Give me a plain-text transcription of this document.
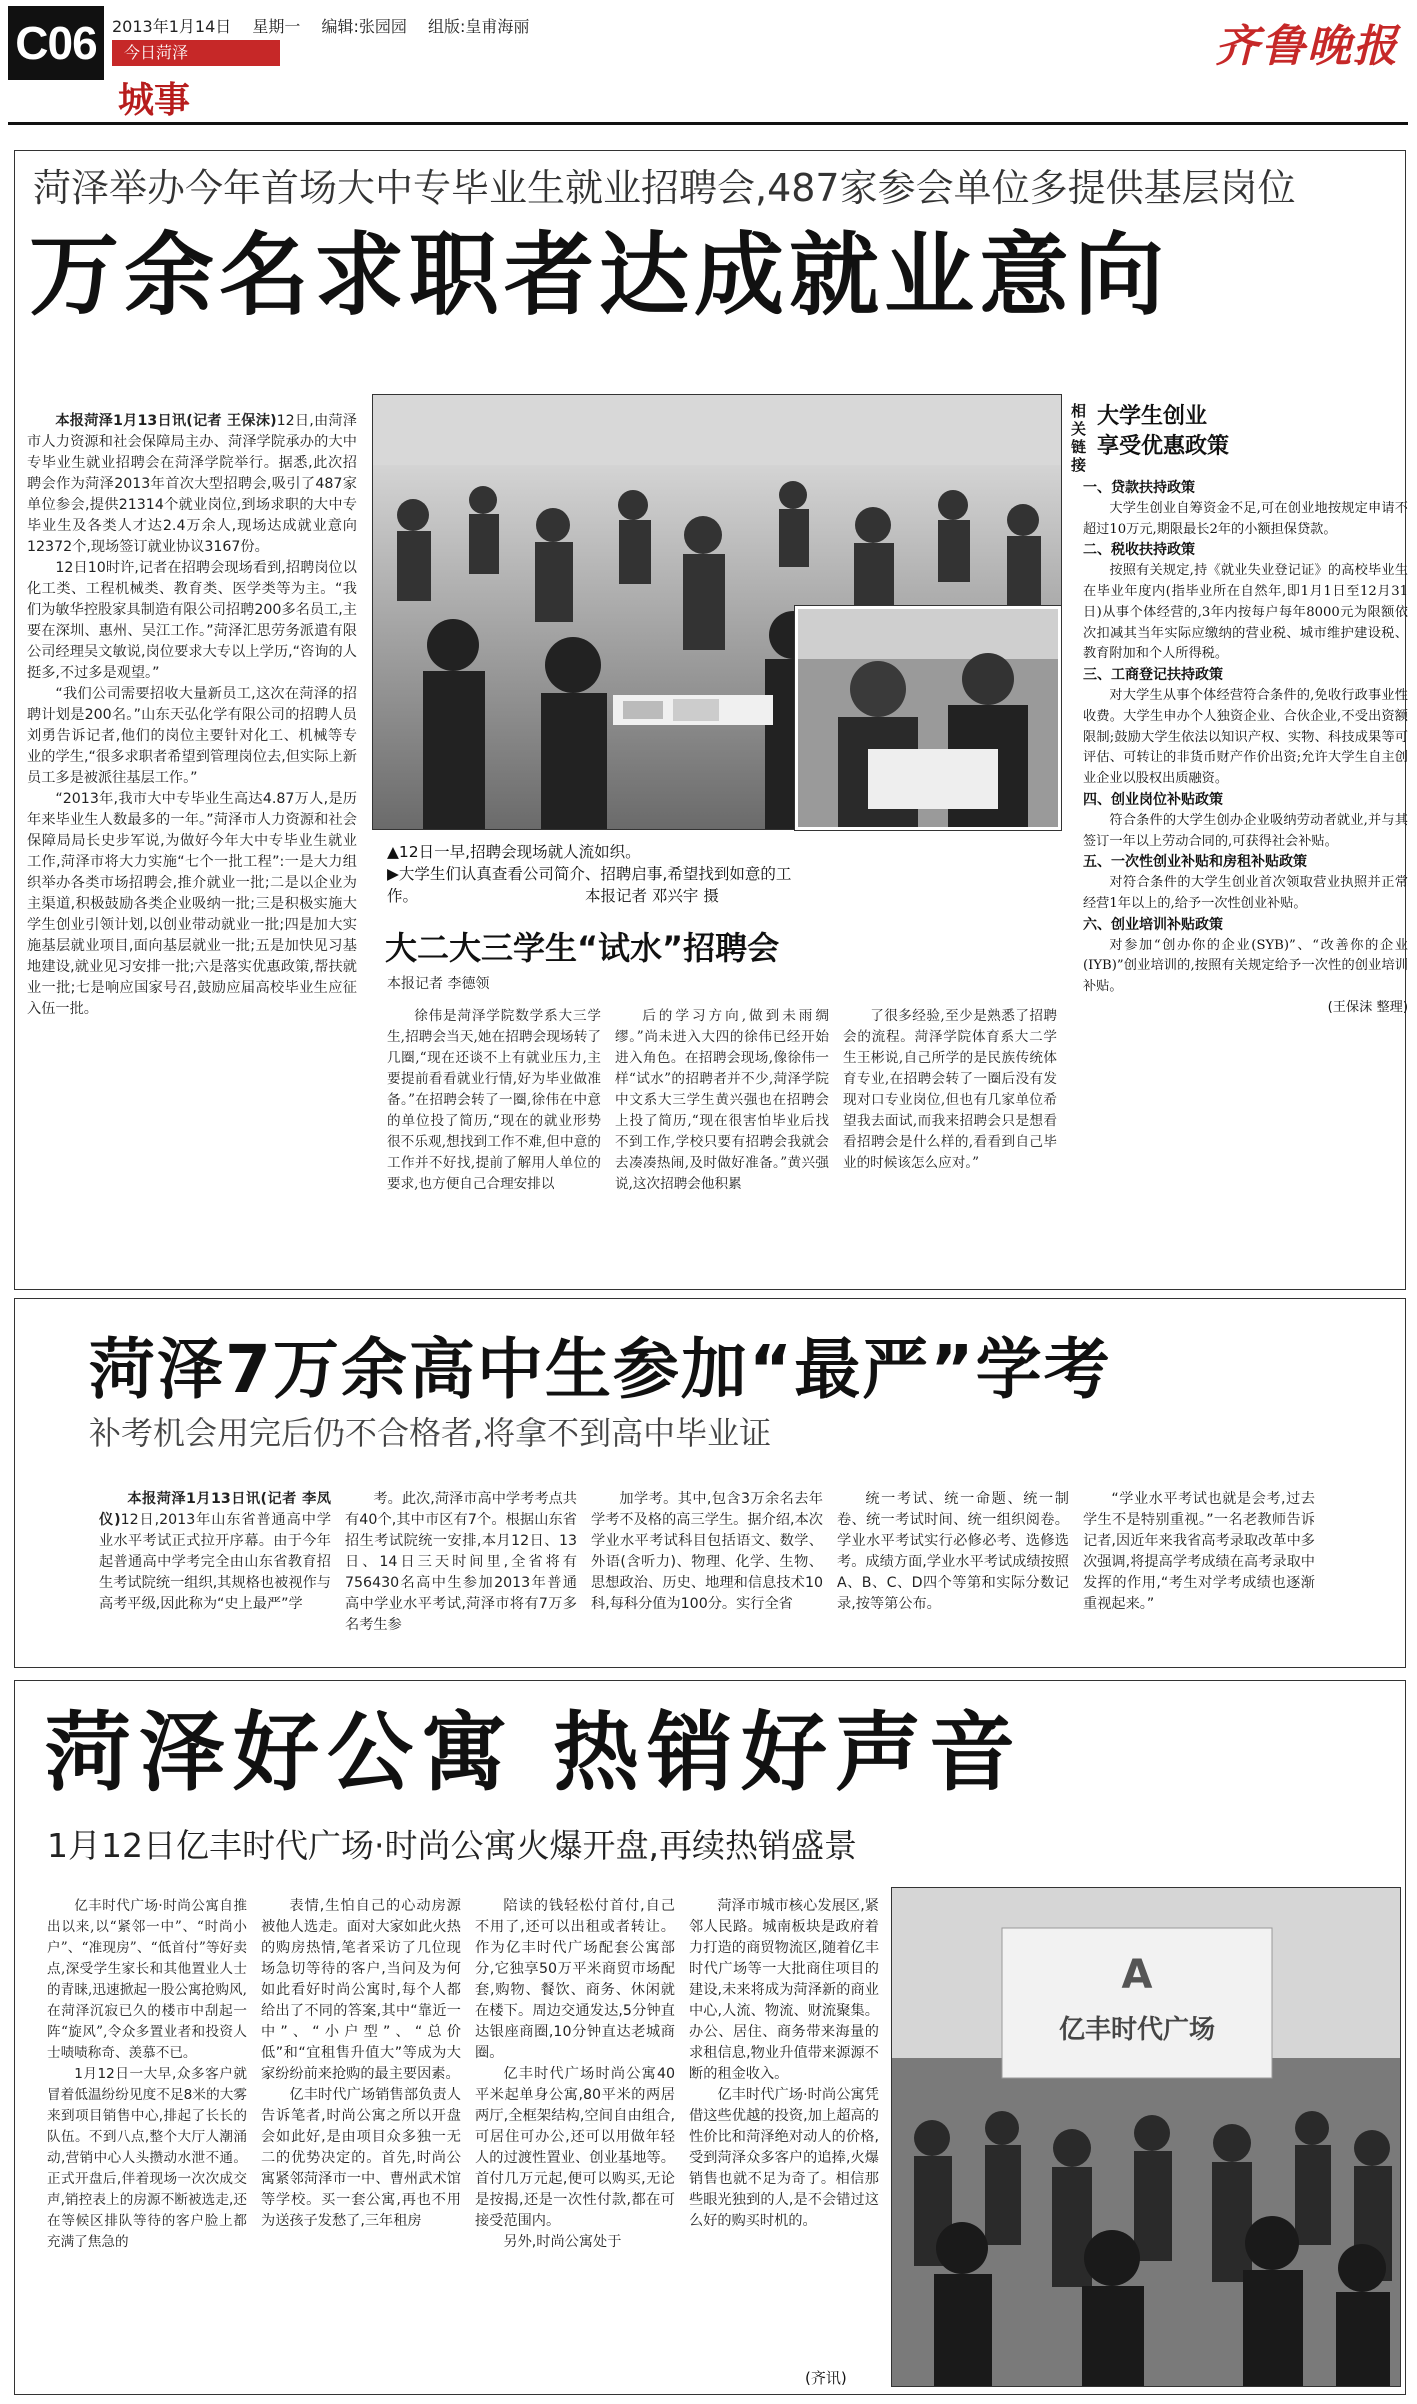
C06 2013年1月14日 星期一 编辑:张园园 组版:皇甫海丽
今日菏泽
城事
齐鲁晚报
菏泽举办今年首场大中专毕业生就业招聘会,487家参会单位多提供基层岗位
万余名求职者达成就业意向

本报菏泽1月13日讯(记者 王保沫)12日,由菏泽市人力资源和社会保障局主办、菏泽学院承办的大中专毕业生就业招聘会在菏泽学院举行。据悉,此次招聘会作为菏泽2013年首次大型招聘会,吸引了487家单位参会,提供21314个就业岗位,到场求职的大中专毕业生及各类人才达2.4万余人,现场达成就业意向12372个,现场签订就业协议3167份。

12日10时许,记者在招聘会现场看到,招聘岗位以化工类、工程机械类、教育类、医学类等为主。“我们为敏华控股家具制造有限公司招聘200多名员工,主要在深圳、惠州、吴江工作。”菏泽汇思劳务派遣有限公司经理吴文敏说,岗位要求大专以上学历,“咨询的人挺多,不过多是观望。”

“我们公司需要招收大量新员工,这次在菏泽的招聘计划是200名。”山东天弘化学有限公司的招聘人员刘勇告诉记者,他们的岗位主要针对化工、机械等专业的学生,“很多求职者希望到管理岗位去,但实际上新员工多是被派往基层工作。”

“2013年,我市大中专毕业生高达4.87万人,是历年来毕业生人数最多的一年。”菏泽市人力资源和社会保障局局长史步军说,为做好今年大中专毕业生就业工作,菏泽市将大力实施“七个一批工程”:一是大力组织举办各类市场招聘会,推介就业一批;二是以企业为主渠道,积极鼓励各类企业吸纳一批;三是积极实施大学生创业引领计划,以创业带动就业一批;四是加大实施基层就业项目,面向基层就业一批;五是加快见习基地建设,就业见习安排一批;六是落实优惠政策,帮扶就业一批;七是响应国家号召,鼓励应届高校毕业生应征入伍一批。

▲12日一早,招聘会现场就人流如织。
▶大学生们认真查看公司简介、招聘启事,希望找到如意的工作。	本报记者 邓兴宇 摄
大二大三学生“试水”招聘会
本报记者 李德领

徐伟是菏泽学院数学系大三学生,招聘会当天,她在招聘会现场转了几圈,“现在还谈不上有就业压力,主要提前看看就业行情,好为毕业做准备。”在招聘会转了一圈,徐伟在中意的单位投了简历,“现在的就业形势很不乐观,想找到工作不难,但中意的工作并不好找,提前了解用人单位的要求,也方便自己合理安排以

后的学习方向,做到未雨绸缪。”尚未进入大四的徐伟已经开始进入角色。在招聘会现场,像徐伟一样“试水”的招聘者并不少,菏泽学院中文系大三学生黄兴强也在招聘会上投了简历,“现在很害怕毕业后找不到工作,学校只要有招聘会我就会去凑凑热闹,及时做好准备。”黄兴强说,这次招聘会他积累

了很多经验,至少是熟悉了招聘会的流程。菏泽学院体育系大二学生王彬说,自己所学的是民族传统体育专业,在招聘会转了一圈后没有发现对口专业岗位,但也有几家单位希望我去面试,而我来招聘会只是想看看招聘会是什么样的,看看到自己毕业的时候该怎么应对。”

相关链接
大学生创业
享受优惠政策
一、贷款扶持政策

大学生创业自筹资金不足,可在创业地按规定申请不超过10万元,期限最长2年的小额担保贷款。

二、税收扶持政策

按照有关规定,持《就业失业登记证》的高校毕业生在毕业年度内(指毕业所在自然年,即1月1日至12月31日)从事个体经营的,3年内按每户每年8000元为限额依次扣减其当年实际应缴纳的营业税、城市维护建设税、教育附加和个人所得税。

三、工商登记扶持政策

对大学生从事个体经营符合条件的,免收行政事业性收费。大学生申办个人独资企业、合伙企业,不受出资额限制;鼓励大学生依法以知识产权、实物、科技成果等可评估、可转让的非货币财产作价出资;允许大学生自主创业企业以股权出质融资。

四、创业岗位补贴政策

符合条件的大学生创办企业吸纳劳动者就业,并与其签订一年以上劳动合同的,可获得社会补贴。

五、一次性创业补贴和房租补贴政策

对符合条件的大学生创业首次领取营业执照并正常经营1年以上的,给予一次性创业补贴。

六、创业培训补贴政策

对参加“创办你的企业(SYB)”、“改善你的企业(IYB)”创业培训的,按照有关规定给予一次性的创业培训补贴。

(王保沫 整理)
菏泽7万余高中生参加“最严”学考
补考机会用完后仍不合格者,将拿不到高中毕业证

本报菏泽1月13日讯(记者 李凤仪)12日,2013年山东省普通高中学业水平考试正式拉开序幕。由于今年起普通高中学考完全由山东省教育招生考试院统一组织,其规格也被视作与高考平级,因此称为“史上最严”学

考。此次,菏泽市高中学考考点共有40个,其中市区有7个。根据山东省招生考试院统一安排,本月12日、13日、14日三天时间里,全省将有756430名高中生参加2013年普通高中学业水平考试,菏泽市将有7万多名考生参

加学考。其中,包含3万余名去年学考不及格的高三学生。据介绍,本次学业水平考试科目包括语文、数学、外语(含听力)、物理、化学、生物、思想政治、历史、地理和信息技术10科,每科分值为100分。实行全省

统一考试、统一命题、统一制卷、统一考试时间、统一组织阅卷。学业水平考试实行必修必考、选修选考。成绩方面,学业水平考试成绩按照A、B、C、D四个等第和实际分数记录,按等第公布。

“学业水平考试也就是会考,过去学生不是特别重视。”一名老教师告诉记者,因近年来我省高考录取改革中多次强调,将提高学考成绩在高考录取中发挥的作用,“考生对学考成绩也逐渐重视起来。”

菏泽好公寓 热销好声音
1月12日亿丰时代广场·时尚公寓火爆开盘,再续热销盛景

亿丰时代广场·时尚公寓自推出以来,以“紧邻一中”、“时尚小户”、“准现房”、“低首付”等好卖点,深受学生家长和其他置业人士的青睐,迅速掀起一股公寓抢购风,在菏泽沉寂已久的楼市中刮起一阵“旋风”,令众多置业者和投资人士啧啧称奇、羡慕不已。

1月12日一大早,众多客户就冒着低温纷纷见度不足8米的大雾来到项目销售中心,排起了长长的队伍。不到八点,整个大厅人潮涌动,营销中心人头攒动水泄不通。正式开盘后,伴着现场一次次成交声,销控表上的房源不断被选走,还在等候区排队等待的客户脸上都充满了焦急的

表情,生怕自己的心动房源被他人选走。面对大家如此火热的购房热情,笔者采访了几位现场急切等待的客户,当问及为何如此看好时尚公寓时,每个人都给出了不同的答案,其中“靠近一中”、“小户型”、“总价低”和“宜租售升值大”等成为大家纷纷前来抢购的最主要因素。

亿丰时代广场销售部负责人告诉笔者,时尚公寓之所以开盘会如此好,是由项目众多独一无二的优势决定的。首先,时尚公寓紧邻菏泽市一中、曹州武术馆等学校。买一套公寓,再也不用为送孩子发愁了,三年租房

陪读的钱轻松付首付,自己不用了,还可以出租或者转让。作为亿丰时代广场配套公寓部分,它独享50万平米商贸市场配套,购物、餐饮、商务、休闲就在楼下。周边交通发达,5分钟直达银座商圈,10分钟直达老城商圈。

亿丰时代广场时尚公寓40平米起单身公寓,80平米的两居两厅,全框架结构,空间自由组合,可居住可办公,还可以用做年轻人的过渡性置业、创业基地等。首付几万元起,便可以购买,无论是按揭,还是一次性付款,都在可接受范围内。

另外,时尚公寓处于

菏泽市城市核心发展区,紧邻人民路。城南板块是政府着力打造的商贸物流区,随着亿丰时代广场等一大批商住项目的建设,未来将成为菏泽新的商业中心,人流、物流、财流聚集。办公、居住、商务带来海量的求租信息,物业升值带来源源不断的租金收入。

亿丰时代广场·时尚公寓凭借这些优越的投资,加上超高的性价比和菏泽绝对动人的价格,受到菏泽众多客户的追捧,火爆销售也就不足为奇了。相信那些眼光独到的人,是不会错过这么好的购买时机的。

(齐讯)
A
亿丰时代广场
